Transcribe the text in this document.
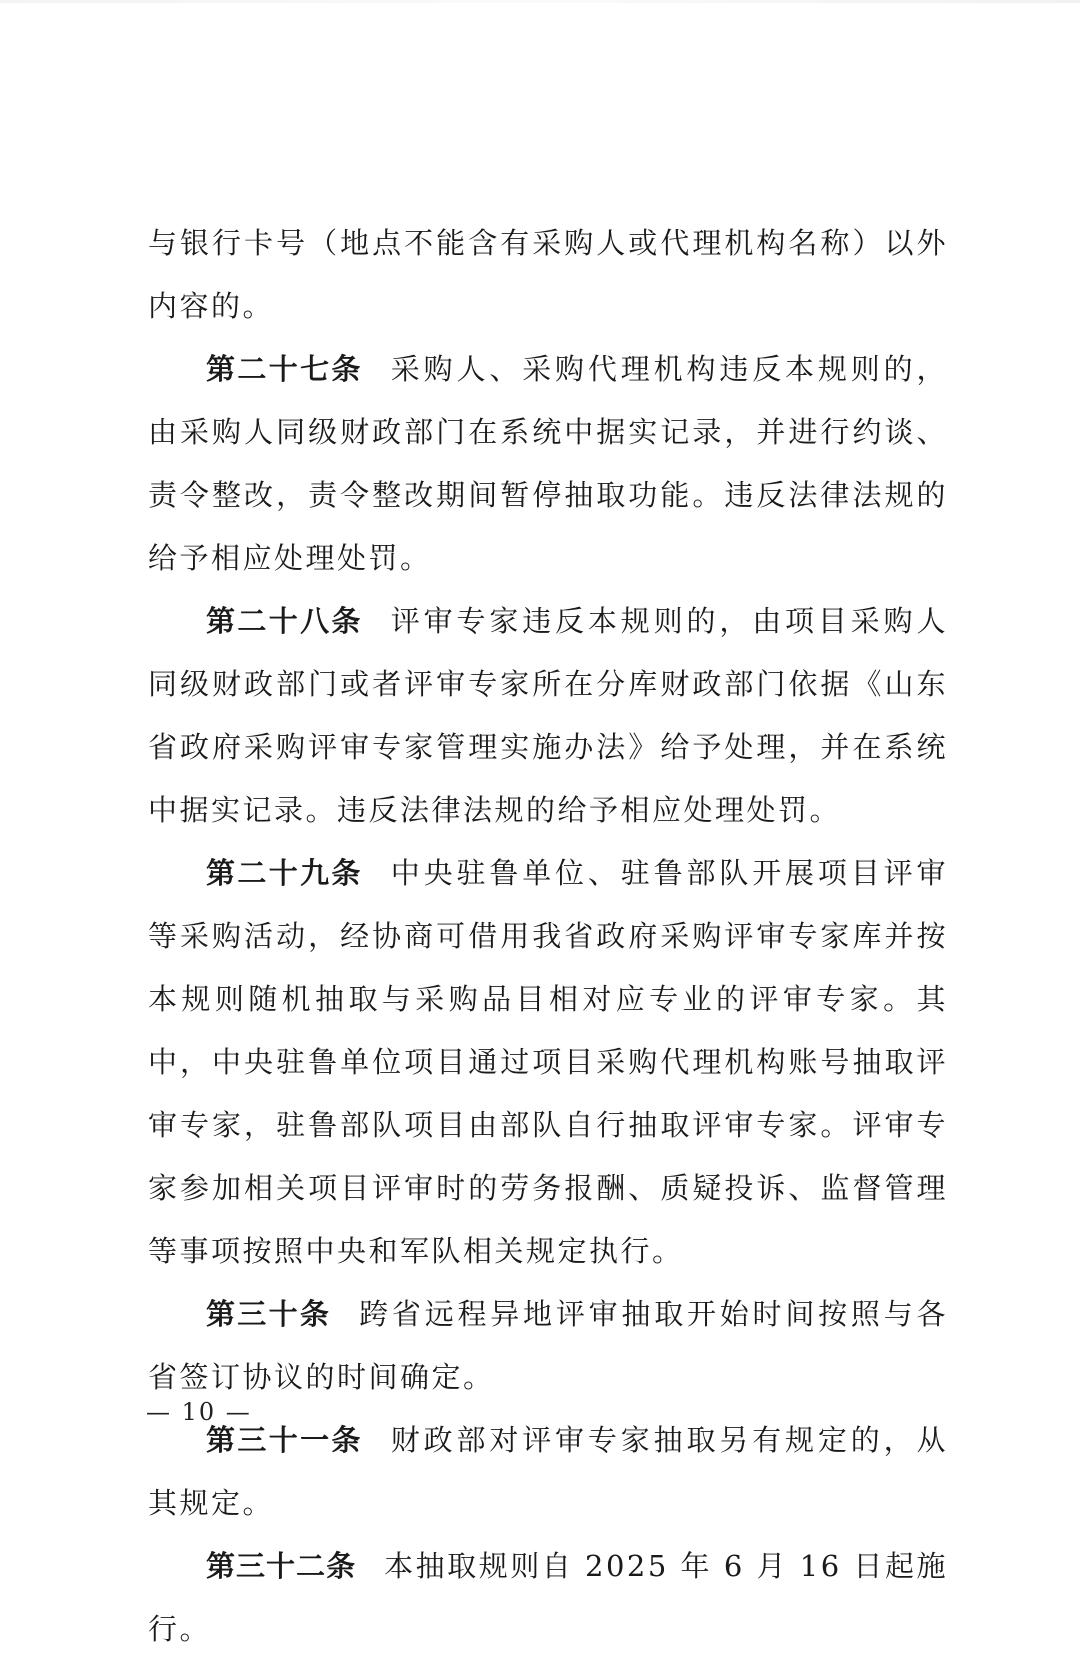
与银行卡号（地点不能含有采购人或代理机构名称）以外内容的。

第二十七条 采购人、采购代理机构违反本规则的，由采购人同级财政部门在系统中据实记录，并进行约谈、责令整改，责令整改期间暂停抽取功能。违反法律法规的给予相应处理处罚。

第二十八条 评审专家违反本规则的，由项目采购人同级财政部门或者评审专家所在分库财政部门依据《山东省政府采购评审专家管理实施办法》给予处理，并在系统中据实记录。违反法律法规的给予相应处理处罚。

第二十九条 中央驻鲁单位、驻鲁部队开展项目评审等采购活动，经协商可借用我省政府采购评审专家库并按本规则随机抽取与采购品目相对应专业的评审专家。其中，中央驻鲁单位项目通过项目采购代理机构账号抽取评审专家，驻鲁部队项目由部队自行抽取评审专家。评审专家参加相关项目评审时的劳务报酬、质疑投诉、监督管理等事项按照中央和军队相关规定执行。

第三十条 跨省远程异地评审抽取开始时间按照与各省签订协议的时间确定。

第三十一条 财政部对评审专家抽取另有规定的，从其规定。

第三十二条 本抽取规则自 2025 年 6 月 16 日起施行。

— 10 —
